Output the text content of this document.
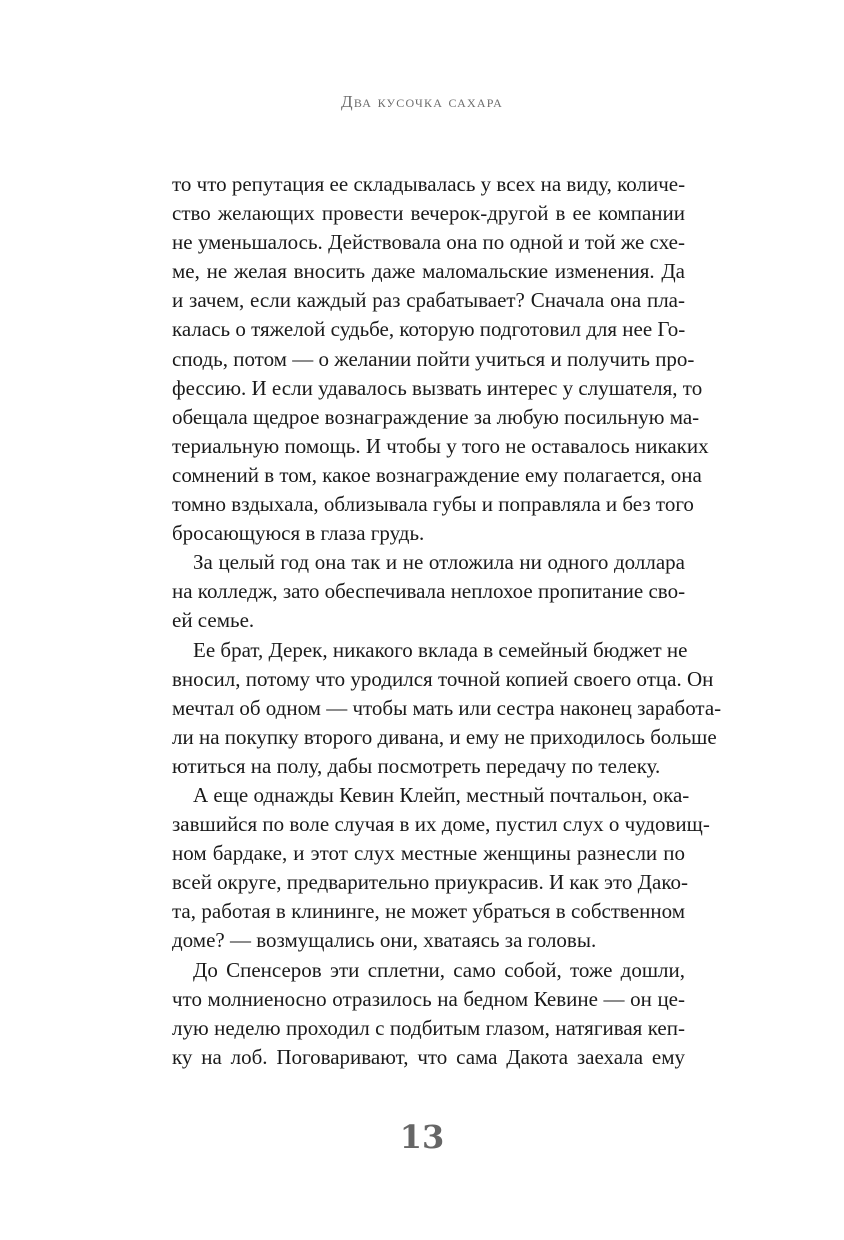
Два кусочка сахара
то что репутация ее складывалась у всех на виду, количе-
ство желающих провести вечерок-другой в ее компании
не уменьшалось. Действовала она по одной и той же схе-
ме, не желая вносить даже маломальские изменения. Да
и зачем, если каждый раз срабатывает? Сначала она пла-
калась о тяжелой судьбе, которую подготовил для нее Го-
сподь, потом — о желании пойти учиться и получить про-
фессию. И если удавалось вызвать интерес у слушателя, то
обещала щедрое вознаграждение за любую посильную ма-
териальную помощь. И чтобы у того не оставалось никаких
сомнений в том, какое вознаграждение ему полагается, она
томно вздыхала, облизывала губы и поправляла и без того
бросающуюся в глаза грудь.
За целый год она так и не отложила ни одного доллара
на колледж, зато обеспечивала неплохое пропитание сво-
ей семье.
Ее брат, Дерек, никакого вклада в семейный бюджет не
вносил, потому что уродился точной копией своего отца. Он
мечтал об одном — чтобы мать или сестра наконец заработа-
ли на покупку второго дивана, и ему не приходилось больше
ютиться на полу, дабы посмотреть передачу по телеку.
А еще однажды Кевин Клейп, местный почтальон, ока-
завшийся по воле случая в их доме, пустил слух о чудовищ-
ном бардаке, и этот слух местные женщины разнесли по
всей округе, предварительно приукрасив. И как это Дако-
та, работая в клининге, не может убраться в собственном
доме? — возмущались они, хватаясь за головы.
До Спенсеров эти сплетни, само собой, тоже дошли,
что молниеносно отразилось на бедном Кевине — он це-
лую неделю проходил с подбитым глазом, натягивая кеп-
ку на лоб. Поговаривают, что сама Дакота заехала ему
13
